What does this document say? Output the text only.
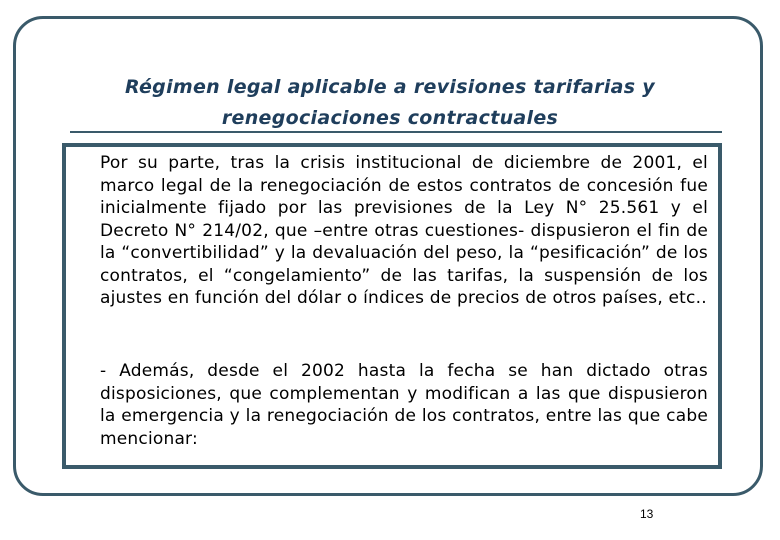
Régimen legal aplicable a revisiones tarifarias y renegociaciones contractuales

Por su parte, tras la crisis institucional de diciembre de 2001, el marco legal de la renegociación de estos contratos de concesión fue inicialmente fijado por las previsiones de la Ley N° 25.561 y el Decreto N° 214/02, que –entre otras cuestiones- dispusieron el fin de la “convertibilidad” y la devaluación del peso, la “pesificación” de los contratos, el “congelamiento” de las tarifas, la suspensión de los ajustes en función del dólar o índices de precios de otros países, etc..

- Además, desde el 2002 hasta la fecha se han dictado otras disposiciones, que complementan y modifican a las que dispusieron la emergencia y la renegociación de los contratos, entre las que cabe mencionar:

13
